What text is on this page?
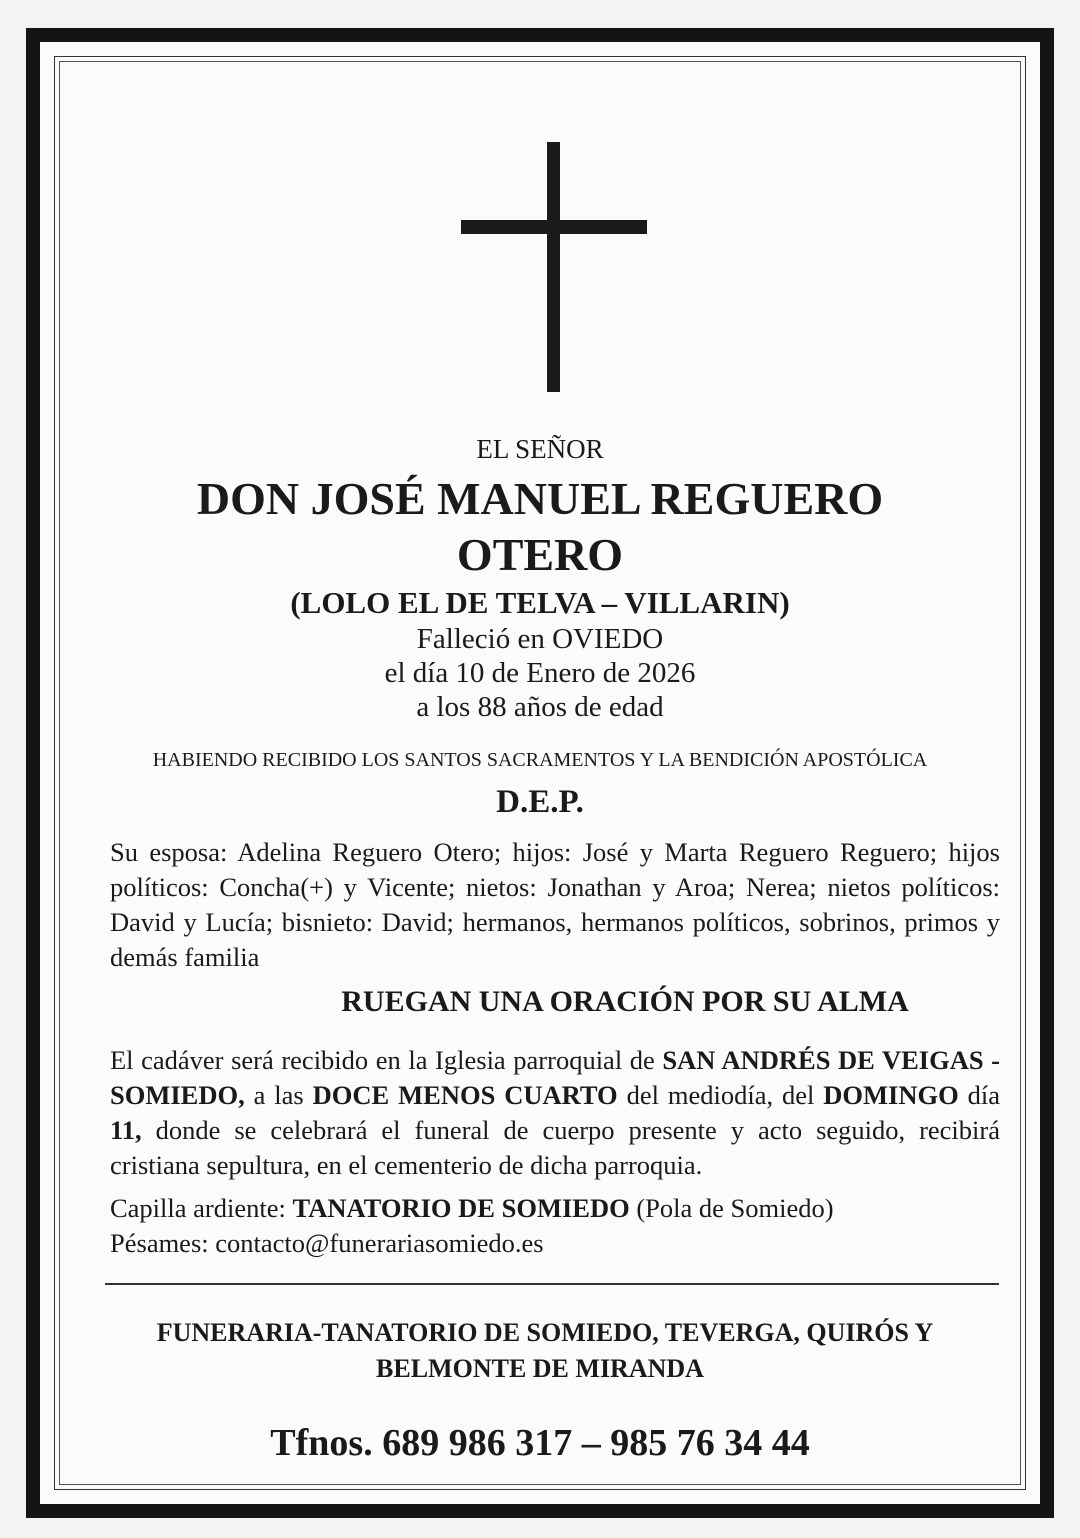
EL SEÑOR
DON JOSÉ MANUEL REGUERO OTERO
(LOLO EL DE TELVA – VILLARIN)
Falleció en OVIEDO
el día 10 de Enero de 2026
a los 88 años de edad
HABIENDO RECIBIDO LOS SANTOS SACRAMENTOS Y LA BENDICIÓN APOSTÓLICA
D.E.P.
Su esposa: Adelina Reguero Otero; hijos: José y Marta Reguero Reguero; hijos políticos: Concha(+) y Vicente; nietos: Jonathan y Aroa; Nerea; nietos políticos: David y Lucía; bisnieto: David; hermanos, hermanos políticos, sobrinos, primos y demás familia
RUEGAN UNA ORACIÓN POR SU ALMA
El cadáver será recibido en la Iglesia parroquial de SAN ANDRÉS DE VEIGAS - SOMIEDO, a las DOCE MENOS CUARTO del mediodía, del DOMINGO día 11, donde se celebrará el funeral de cuerpo presente y acto seguido, recibirá cristiana sepultura, en el cementerio de dicha parroquia.
Capilla ardiente: TANATORIO DE SOMIEDO (Pola de Somiedo)
Pésames: contacto@funerariasomiedo.es
FUNERARIA-TANATORIO DE SOMIEDO, TEVERGA, QUIRÓS Y
BELMONTE DE MIRANDA
Tfnos. 689 986 317 – 985 76 34 44
